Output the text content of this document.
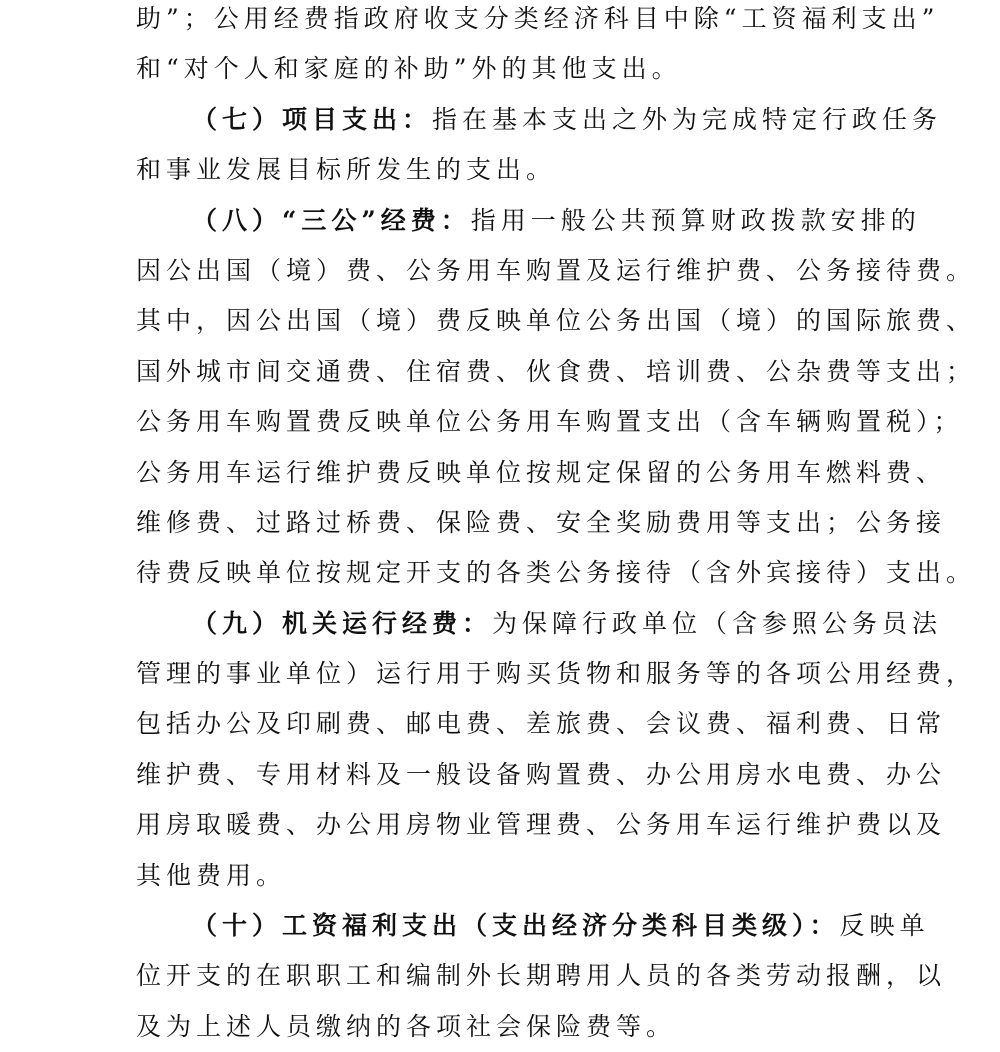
助”；公用经费指政府收支分类经济科目中除“工资福利支出”
和“对个人和家庭的补助”外的其他支出。
（七）项目支出：指在基本支出之外为完成特定行政任务
和事业发展目标所发生的支出。
（八）“三公”经费：指用一般公共预算财政拨款安排的
因公出国（境）费、公务用车购置及运行维护费、公务接待费。
其中，因公出国（境）费反映单位公务出国（境）的国际旅费、
国外城市间交通费、住宿费、伙食费、培训费、公杂费等支出；
公务用车购置费反映单位公务用车购置支出（含车辆购置税）；
公务用车运行维护费反映单位按规定保留的公务用车燃料费、
维修费、过路过桥费、保险费、安全奖励费用等支出；公务接
待费反映单位按规定开支的各类公务接待（含外宾接待）支出。
（九）机关运行经费：为保障行政单位（含参照公务员法
管理的事业单位）运行用于购买货物和服务等的各项公用经费，
包括办公及印刷费、邮电费、差旅费、会议费、福利费、日常
维护费、专用材料及一般设备购置费、办公用房水电费、办公
用房取暖费、办公用房物业管理费、公务用车运行维护费以及
其他费用。
（十）工资福利支出（支出经济分类科目类级）：反映单
位开支的在职职工和编制外长期聘用人员的各类劳动报酬，以
及为上述人员缴纳的各项社会保险费等。
